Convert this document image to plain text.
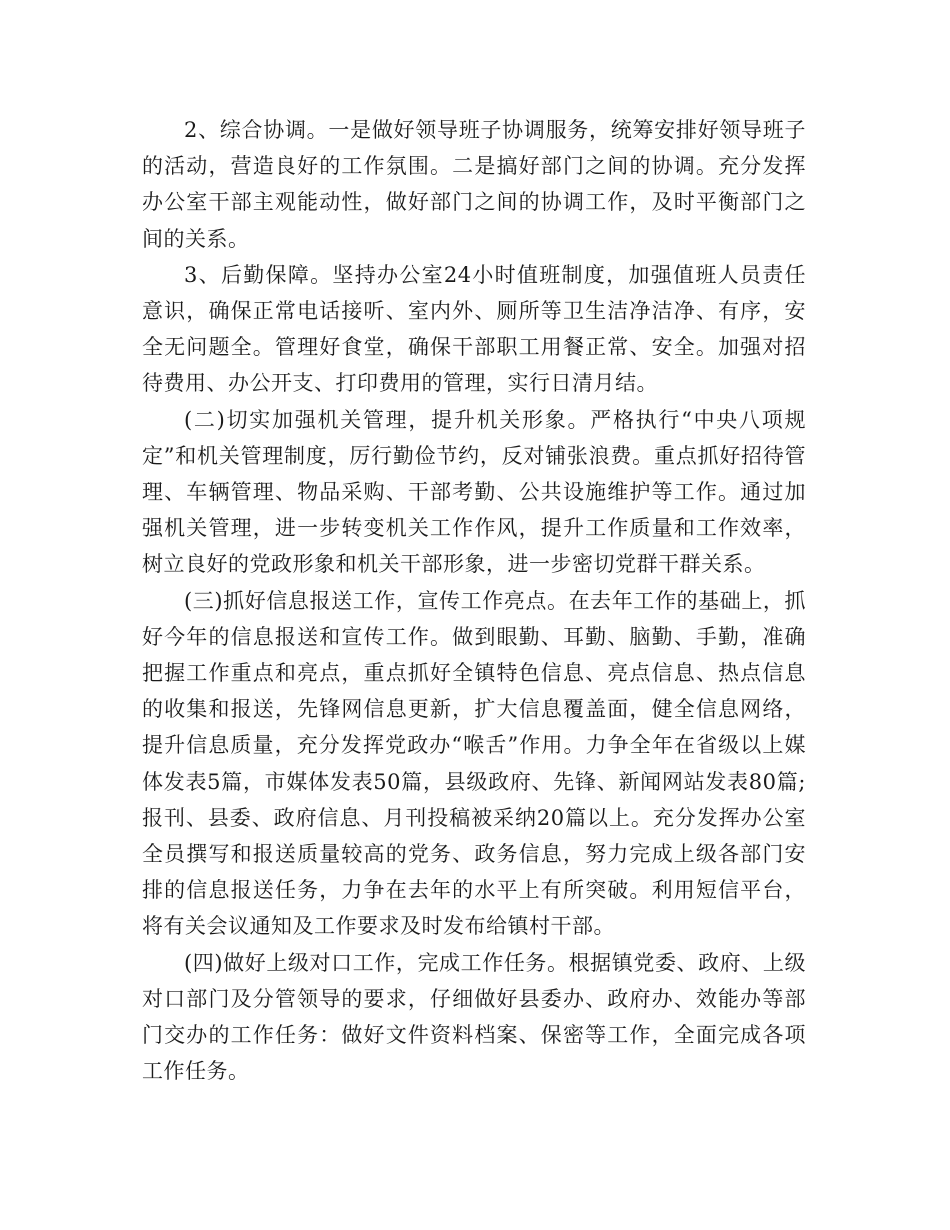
2、综合协调。一是做好领导班子协调服务，统筹安排好领导班子的活动，营造良好的工作氛围。二是搞好部门之间的协调。充分发挥办公室干部主观能动性，做好部门之间的协调工作，及时平衡部门之间的关系。

3、后勤保障。坚持办公室24小时值班制度，加强值班人员责任意识，确保正常电话接听、室内外、厕所等卫生洁净洁净、有序，安全无问题全。管理好食堂，确保干部职工用餐正常、安全。加强对招待费用、办公开支、打印费用的管理，实行日清月结。

(二)切实加强机关管理，提升机关形象。严格执行“中央八项规定”和机关管理制度，厉行勤俭节约，反对铺张浪费。重点抓好招待管理、车辆管理、物品采购、干部考勤、公共设施维护等工作。通过加强机关管理，进一步转变机关工作作风，提升工作质量和工作效率，树立良好的党政形象和机关干部形象，进一步密切党群干群关系。

(三)抓好信息报送工作，宣传工作亮点。在去年工作的基础上，抓好今年的信息报送和宣传工作。做到眼勤、耳勤、脑勤、手勤，准确把握工作重点和亮点，重点抓好全镇特色信息、亮点信息、热点信息的收集和报送，先锋网信息更新，扩大信息覆盖面，健全信息网络，提升信息质量，充分发挥党政办“喉舌”作用。力争全年在省级以上媒体发表5篇，市媒体发表50篇，县级政府、先锋、新闻网站发表80篇;报刊、县委、政府信息、月刊投稿被采纳20篇以上。充分发挥办公室全员撰写和报送质量较高的党务、政务信息，努力完成上级各部门安排的信息报送任务，力争在去年的水平上有所突破。利用短信平台，将有关会议通知及工作要求及时发布给镇村干部。

(四)做好上级对口工作，完成工作任务。根据镇党委、政府、上级对口部门及分管领导的要求，仔细做好县委办、政府办、效能办等部门交办的工作任务：做好文件资料档案、保密等工作，全面完成各项工作任务。
